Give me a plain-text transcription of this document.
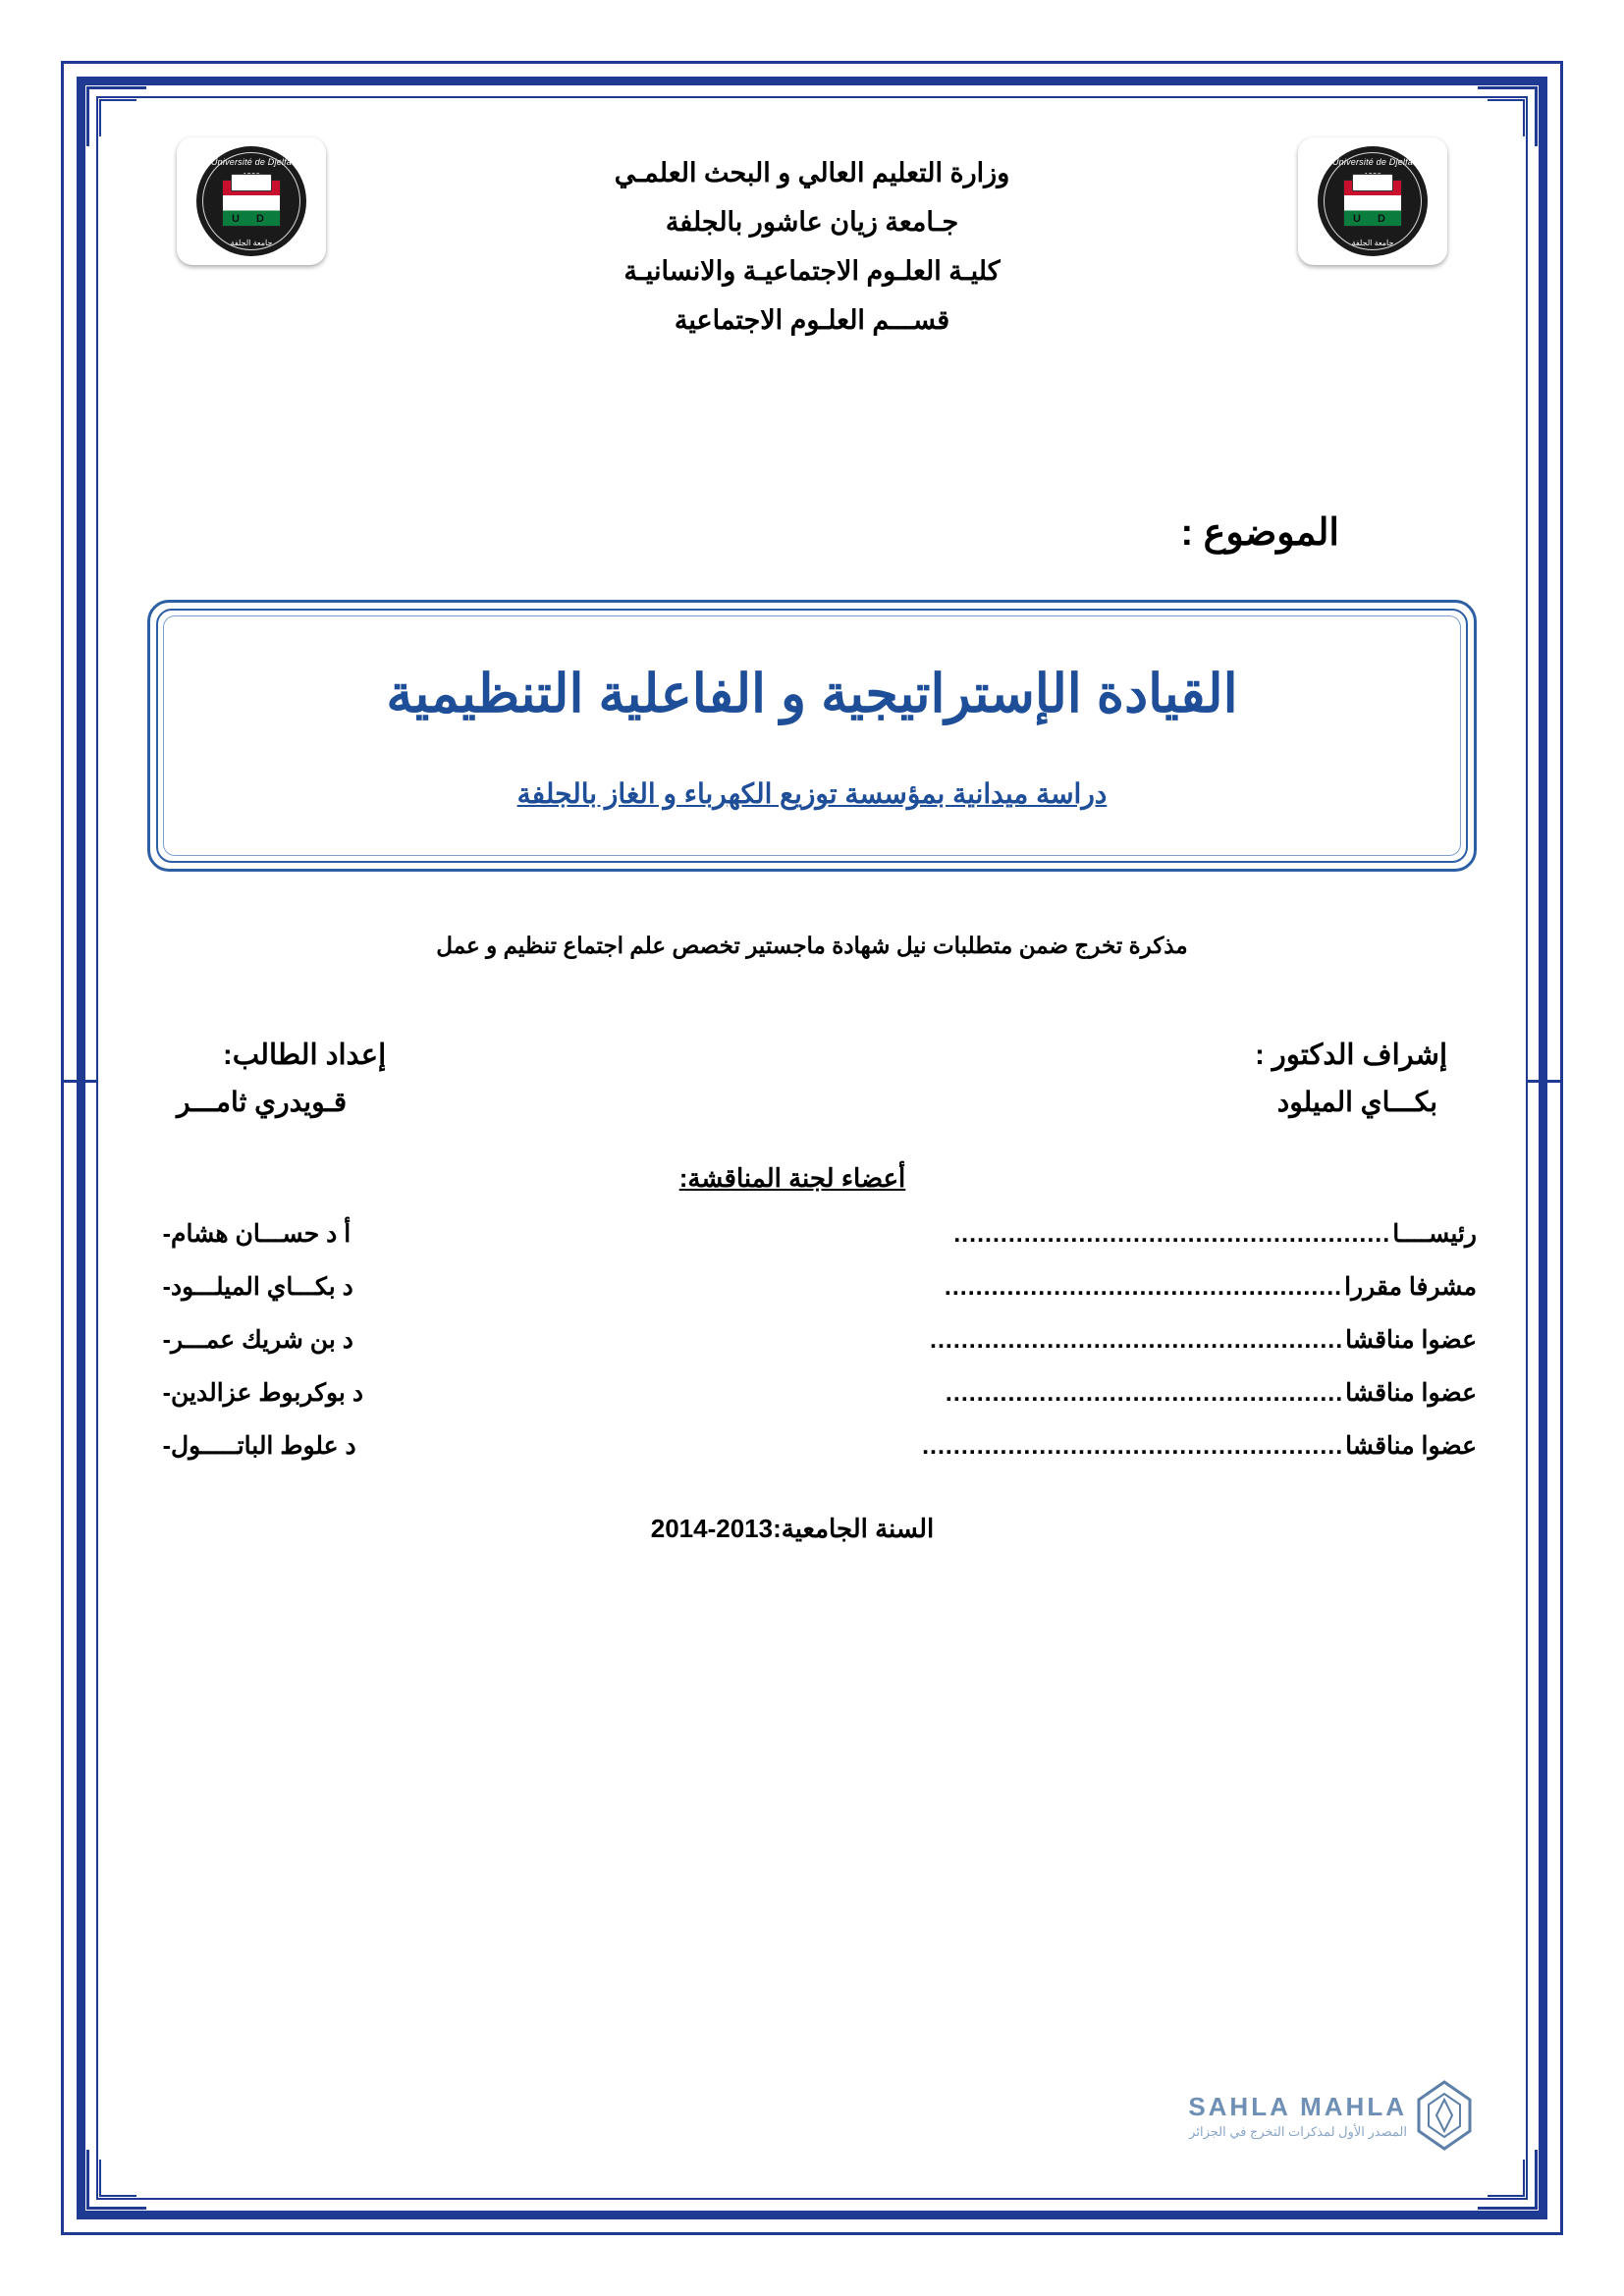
Université de Djelfa
U D
جامعة الجلفة
Université de Djelfa
U D
جامعة الجلفة
وزارة التعليم العالي و البحث العلمـي
جـامعة زيان عاشور بالجلفة
كليـة العلـوم الاجتماعيـة والانسانيـة
قســـم العلـوم الاجتماعية
الموضوع :
القيادة الإستراتيجية و الفاعلية التنظيمية
دراسة ميدانية بمؤسسة توزيع الكهرباء و الغاز بالجلفة
مذكرة تخرج ضمن متطلبات نيل شهادة ماجستير تخصص علم اجتماع تنظيم و عمل
إشراف الدكتور :
بكـــاي الميلود
إعداد الطالب:
قـويدري ثامـــر
أعضاء لجنة المناقشة:
رئيســــا
........................................................
أ د حســـان هشام
-
مشرفا مقررا
...................................................
د بكـــاي الميلـــود
-
عضوا مناقشا
.....................................................
د بن شريك عمـــر
-
عضوا مناقشا
...................................................
د بوكربوط عزالدين
-
عضوا مناقشا
......................................................
د علوط الباتـــــول
-
السنة الجامعية:2013-2014
SAHLA MAHLA
المصدر الأول لمذكرات التخرج في الجزائر
